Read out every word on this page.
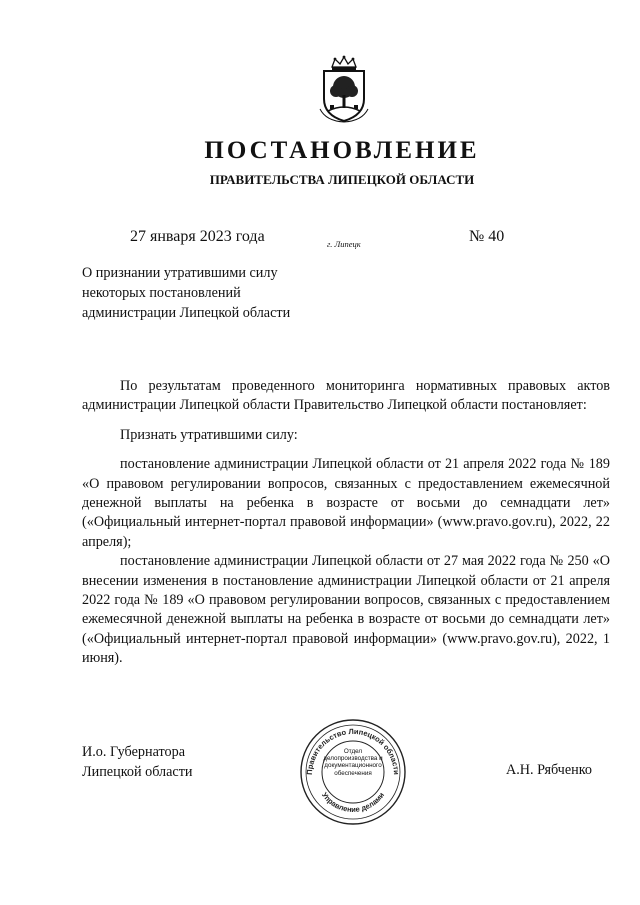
ПОСТАНОВЛЕНИЕ
ПРАВИТЕЛЬСТВА ЛИПЕЦКОЙ ОБЛАСТИ
27 января 2023 года	г. Липецк	№ 40
О признании утратившими силу
некоторых постановлений
администрации Липецкой области

По результатам проведенного мониторинга нормативных правовых актов администрации Липецкой области Правительство Липецкой области постановляет:

Признать утратившими силу:

постановление администрации Липецкой области от 21 апреля 2022 года № 189 «О правовом регулировании вопросов, связанных с предоставлением ежемесячной денежной выплаты на ребенка в возрасте от восьми до семнадцати лет» («Официальный интернет-портал правовой информации» (www.pravo.gov.ru), 2022, 22 апреля);

постановление администрации Липецкой области от 27 мая 2022 года № 250 «О внесении изменения в постановление администрации Липецкой области от 21 апреля 2022 года № 189 «О правовом регулировании вопросов, связанных с предоставлением ежемесячной денежной выплаты на ребенка в возрасте от восьми до семнадцати лет» («Официальный интернет-портал правовой информации» (www.pravo.gov.ru), 2022, 1 июня).

И.о. Губернатора
Липецкой области	Правительство Липецкой области
Управление делами
Отдел
делопроизводства и
документационного
обеспечения	А.Н. Рябченко
